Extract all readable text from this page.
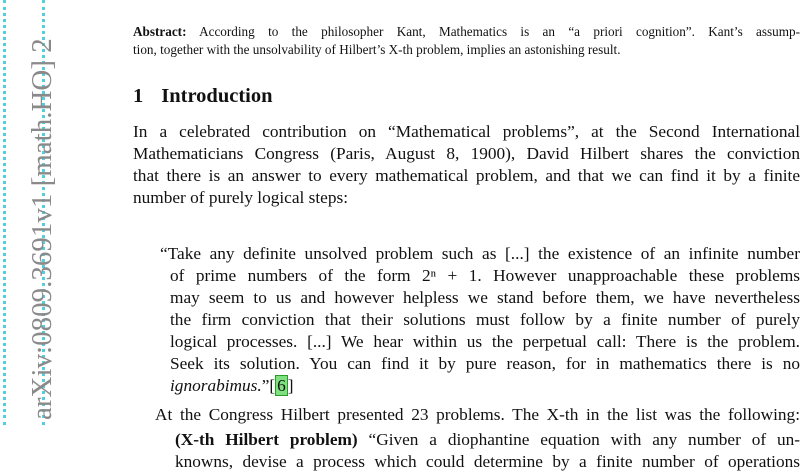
arXiv:0809.3691v1 [math.HO] 2
Abstract: According to the philosopher Kant, Mathematics is an “a priori cognition”. Kant’s assump-
tion, together with the unsolvability of Hilbert’s X-th problem, implies an astonishing result.
1 Introduction
In a celebrated contribution on “Mathematical problems”, at the Second International
Mathematicians Congress (Paris, August 8, 1900), David Hilbert shares the conviction
that there is an answer to every mathematical problem, and that we can find it by a finite
number of purely logical steps:
“Take any definite unsolved problem such as [...] the existence of an infinite number
of prime numbers of the form 2ⁿ + 1. However unapproachable these problems
may seem to us and however helpless we stand before them, we have nevertheless
the firm conviction that their solutions must follow by a finite number of purely
logical processes. [...] We hear within us the perpetual call: There is the problem.
Seek its solution. You can find it by pure reason, for in mathematics there is no
ignorabimus.”[ 6 ]
At the Congress Hilbert presented 23 problems. The X-th in the list was the following:
(X-th Hilbert problem) “Given a diophantine equation with any number of un-
knowns, devise a process which could determine by a finite number of operations
